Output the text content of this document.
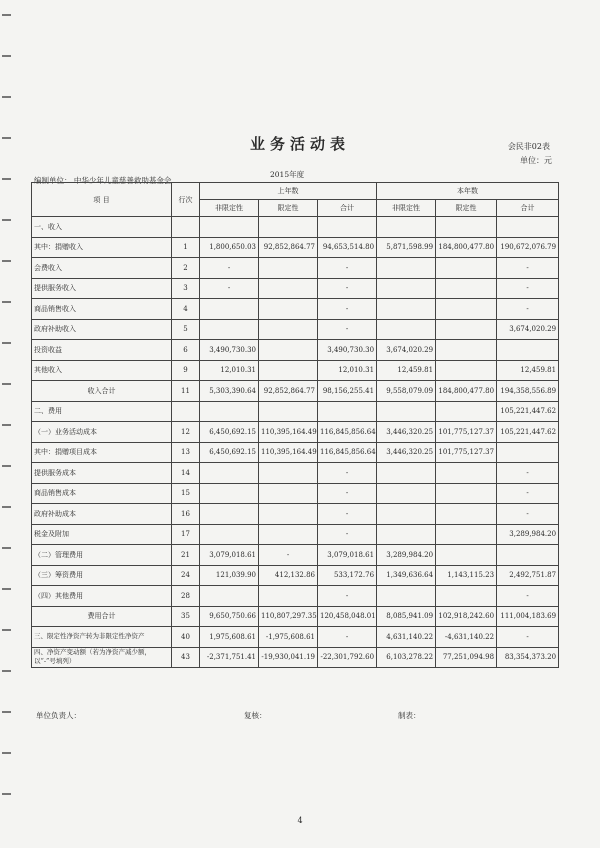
业务活动表	会民非02表
单位：元
编制单位： 中华少年儿童慈善救助基金会
2015年度
项 目	行次	上年数			本年数		
		非限定性	限定性	合计	非限定性	限定性	合计
一、收入							
其中：捐赠收入	1	1,800,650.03	92,852,864.77	94,653,514.80	5,871,598.99	184,800,477.80	190,672,076.79
会费收入	2	-		-			-
提供服务收入	3	-		-			-
商品销售收入	4			-			-
政府补助收入	5			-			3,674,020.29
投资收益	6	3,490,730.30		3,490,730.30	3,674,020.29		
其他收入	9	12,010.31		12,010.31	12,459.81		12,459.81
收入合计	11	5,303,390.64	92,852,864.77	98,156,255.41	9,558,079.09	184,800,477.80	194,358,556.89
二、费用							105,221,447.62
（一）业务活动成本	12	6,450,692.15	110,395,164.49	116,845,856.64	3,446,320.25	101,775,127.37	105,221,447.62
其中：捐赠项目成本	13	6,450,692.15	110,395,164.49	116,845,856.64	3,446,320.25	101,775,127.37	
提供服务成本	14			-			-
商品销售成本	15			-			-
政府补助成本	16			-			-
税金及附加	17			-			3,289,984.20
（二）管理费用	21	3,079,018.61	-	3,079,018.61	3,289,984.20		
（三）筹资费用	24	121,039.90	412,132.86	533,172.76	1,349,636.64	1,143,115.23	2,492,751.87
（四）其他费用	28			-			-
费用合计	35	9,650,750.66	110,807,297.35	120,458,048.01	8,085,941.09	102,918,242.60	111,004,183.69
三、限定性净资产转为非限定性净资产	40	1,975,608.61	-1,975,608.61	-	4,631,140.22	-4,631,140.22	-
四、净资产变动额（若为净资产减少额，以“-”号填列）	43	-2,371,751.41	-19,930,041.19	-22,301,792.60	6,103,278.22	77,251,094.98	83,354,373.20
单位负责人：	复核：	制表：
4
